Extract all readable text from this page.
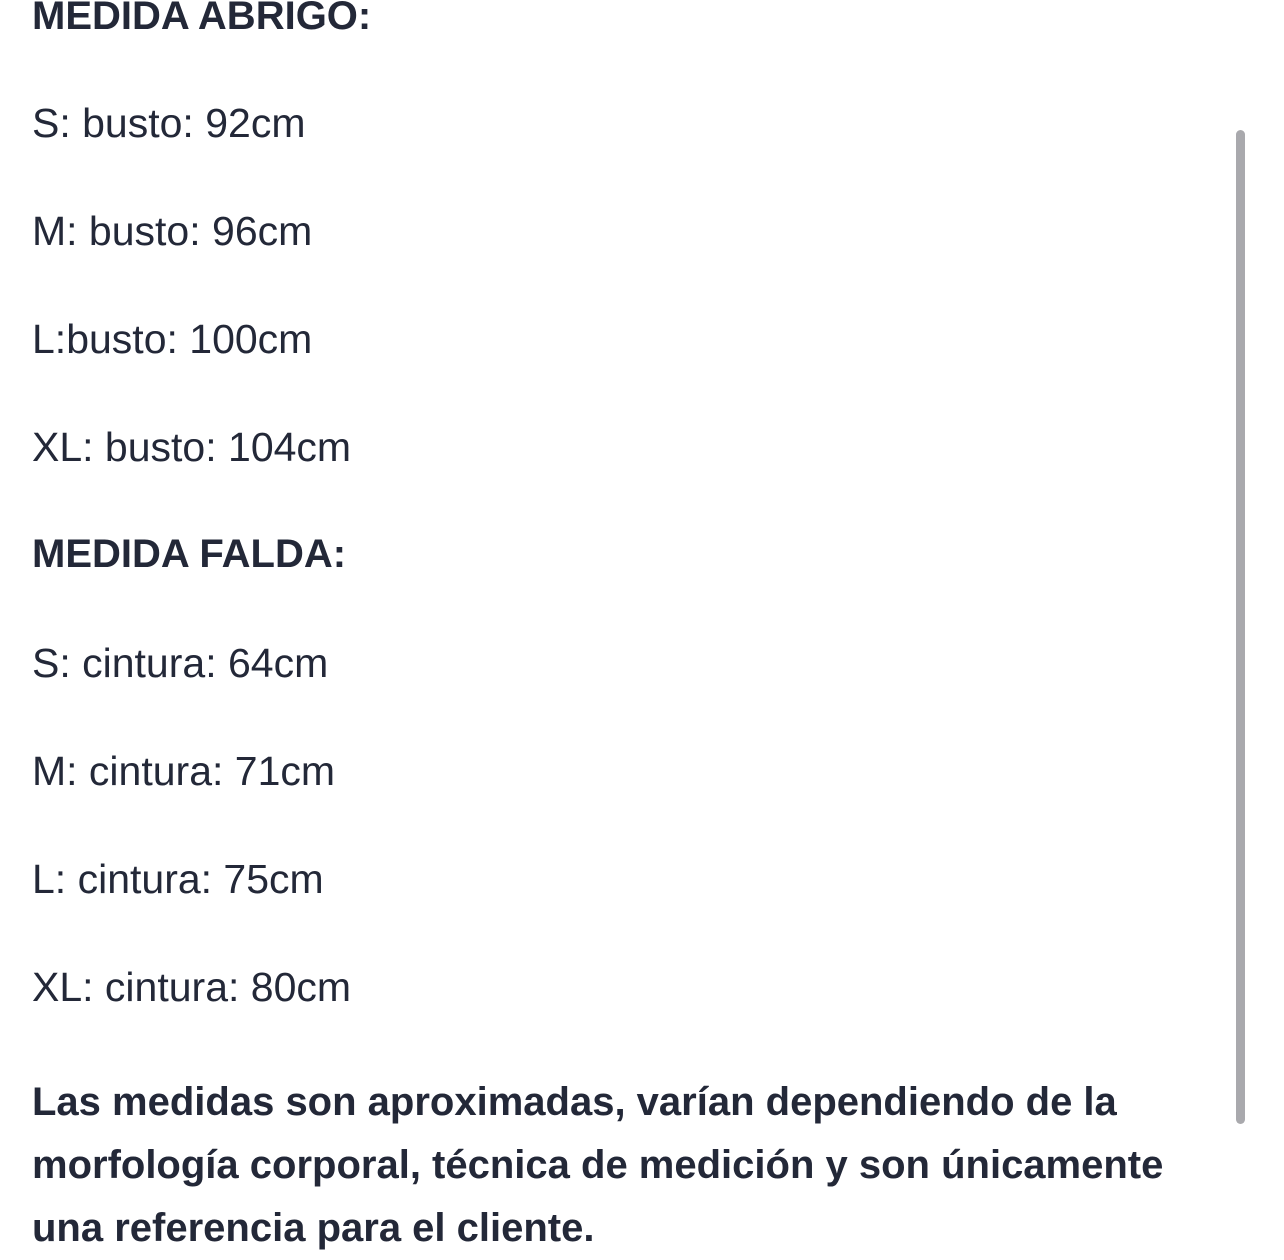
MEDIDA ABRIGO:
S: busto: 92cm
M: busto: 96cm
L:busto: 100cm
XL: busto: 104cm
MEDIDA FALDA:
S: cintura: 64cm
M: cintura: 71cm
L: cintura: 75cm
XL: cintura: 80cm
Las medidas son aproximadas, varían dependiendo de la morfología corporal, técnica de medición y son únicamente una referencia para el cliente.
